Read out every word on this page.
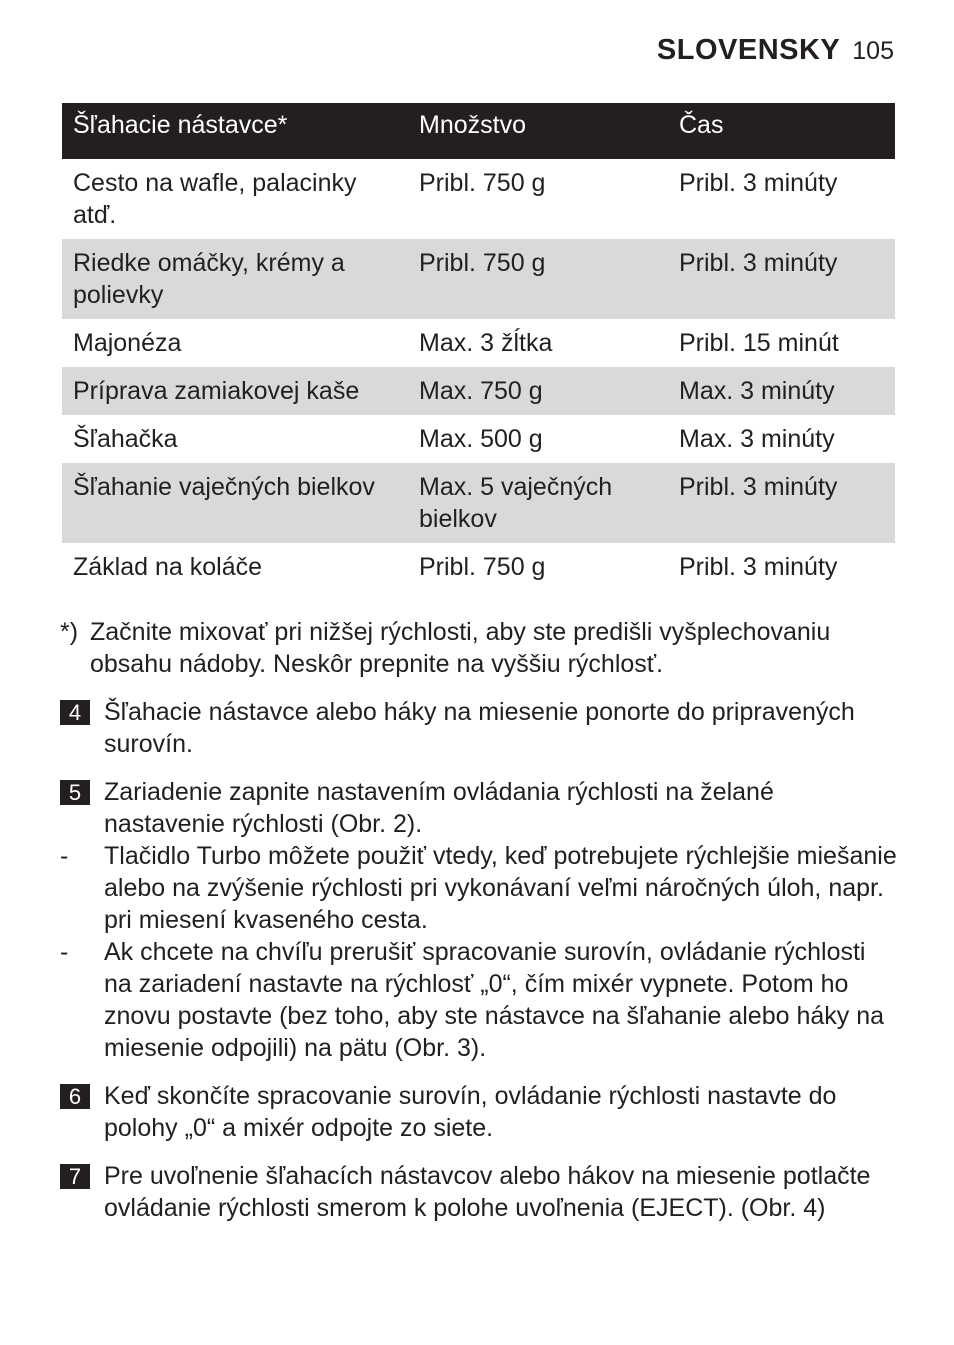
SLOVENSKY 105
Šľahacie nástavce*	Množstvo	Čas
Cesto na wafle, palacinky atď.	Pribl. 750 g	Pribl. 3 minúty
Riedke omáčky, krémy a polievky	Pribl. 750 g	Pribl. 3 minúty
Majonéza	Max. 3 žĺtka	Pribl. 15 minút
Príprava zamiakovej kaše	Max. 750 g	Max. 3 minúty
Šľahačka	Max. 500 g	Max. 3 minúty
Šľahanie vaječných bielkov	Max. 5 vaječných bielkov	Pribl. 3 minúty
Základ na koláče	Pribl. 750 g	Pribl. 3 minúty
*) Začnite mixovať pri nižšej rýchlosti, aby ste predišli vyšplechovaniu obsahu nádoby. Neskôr prepnite na vyššiu rýchlosť.
4 Šľahacie nástavce alebo háky na miesenie ponorte do pripravených surovín.
5 Zariadenie zapnite nastavením ovládania rýchlosti na želané nastavenie rýchlosti (Obr. 2).
-	Tlačidlo Turbo môžete použiť vtedy, keď potrebujete rýchlejšie miešanie alebo na zvýšenie rýchlosti pri vykonávaní veľmi náročných úloh, napr. pri miesení kvaseného cesta.
-	Ak chcete na chvíľu prerušiť spracovanie surovín, ovládanie rýchlosti na zariadení nastavte na rýchlosť „0“, čím mixér vypnete. Potom ho znovu postavte (bez toho, aby ste nástavce na šľahanie alebo háky na miesenie odpojili) na pätu (Obr. 3).
6 Keď skončíte spracovanie surovín, ovládanie rýchlosti nastavte do polohy „0“ a mixér odpojte zo siete.
7 Pre uvoľnenie šľahacích nástavcov alebo hákov na miesenie potlačte ovládanie rýchlosti smerom k polohe uvoľnenia (EJECT). (Obr. 4)
